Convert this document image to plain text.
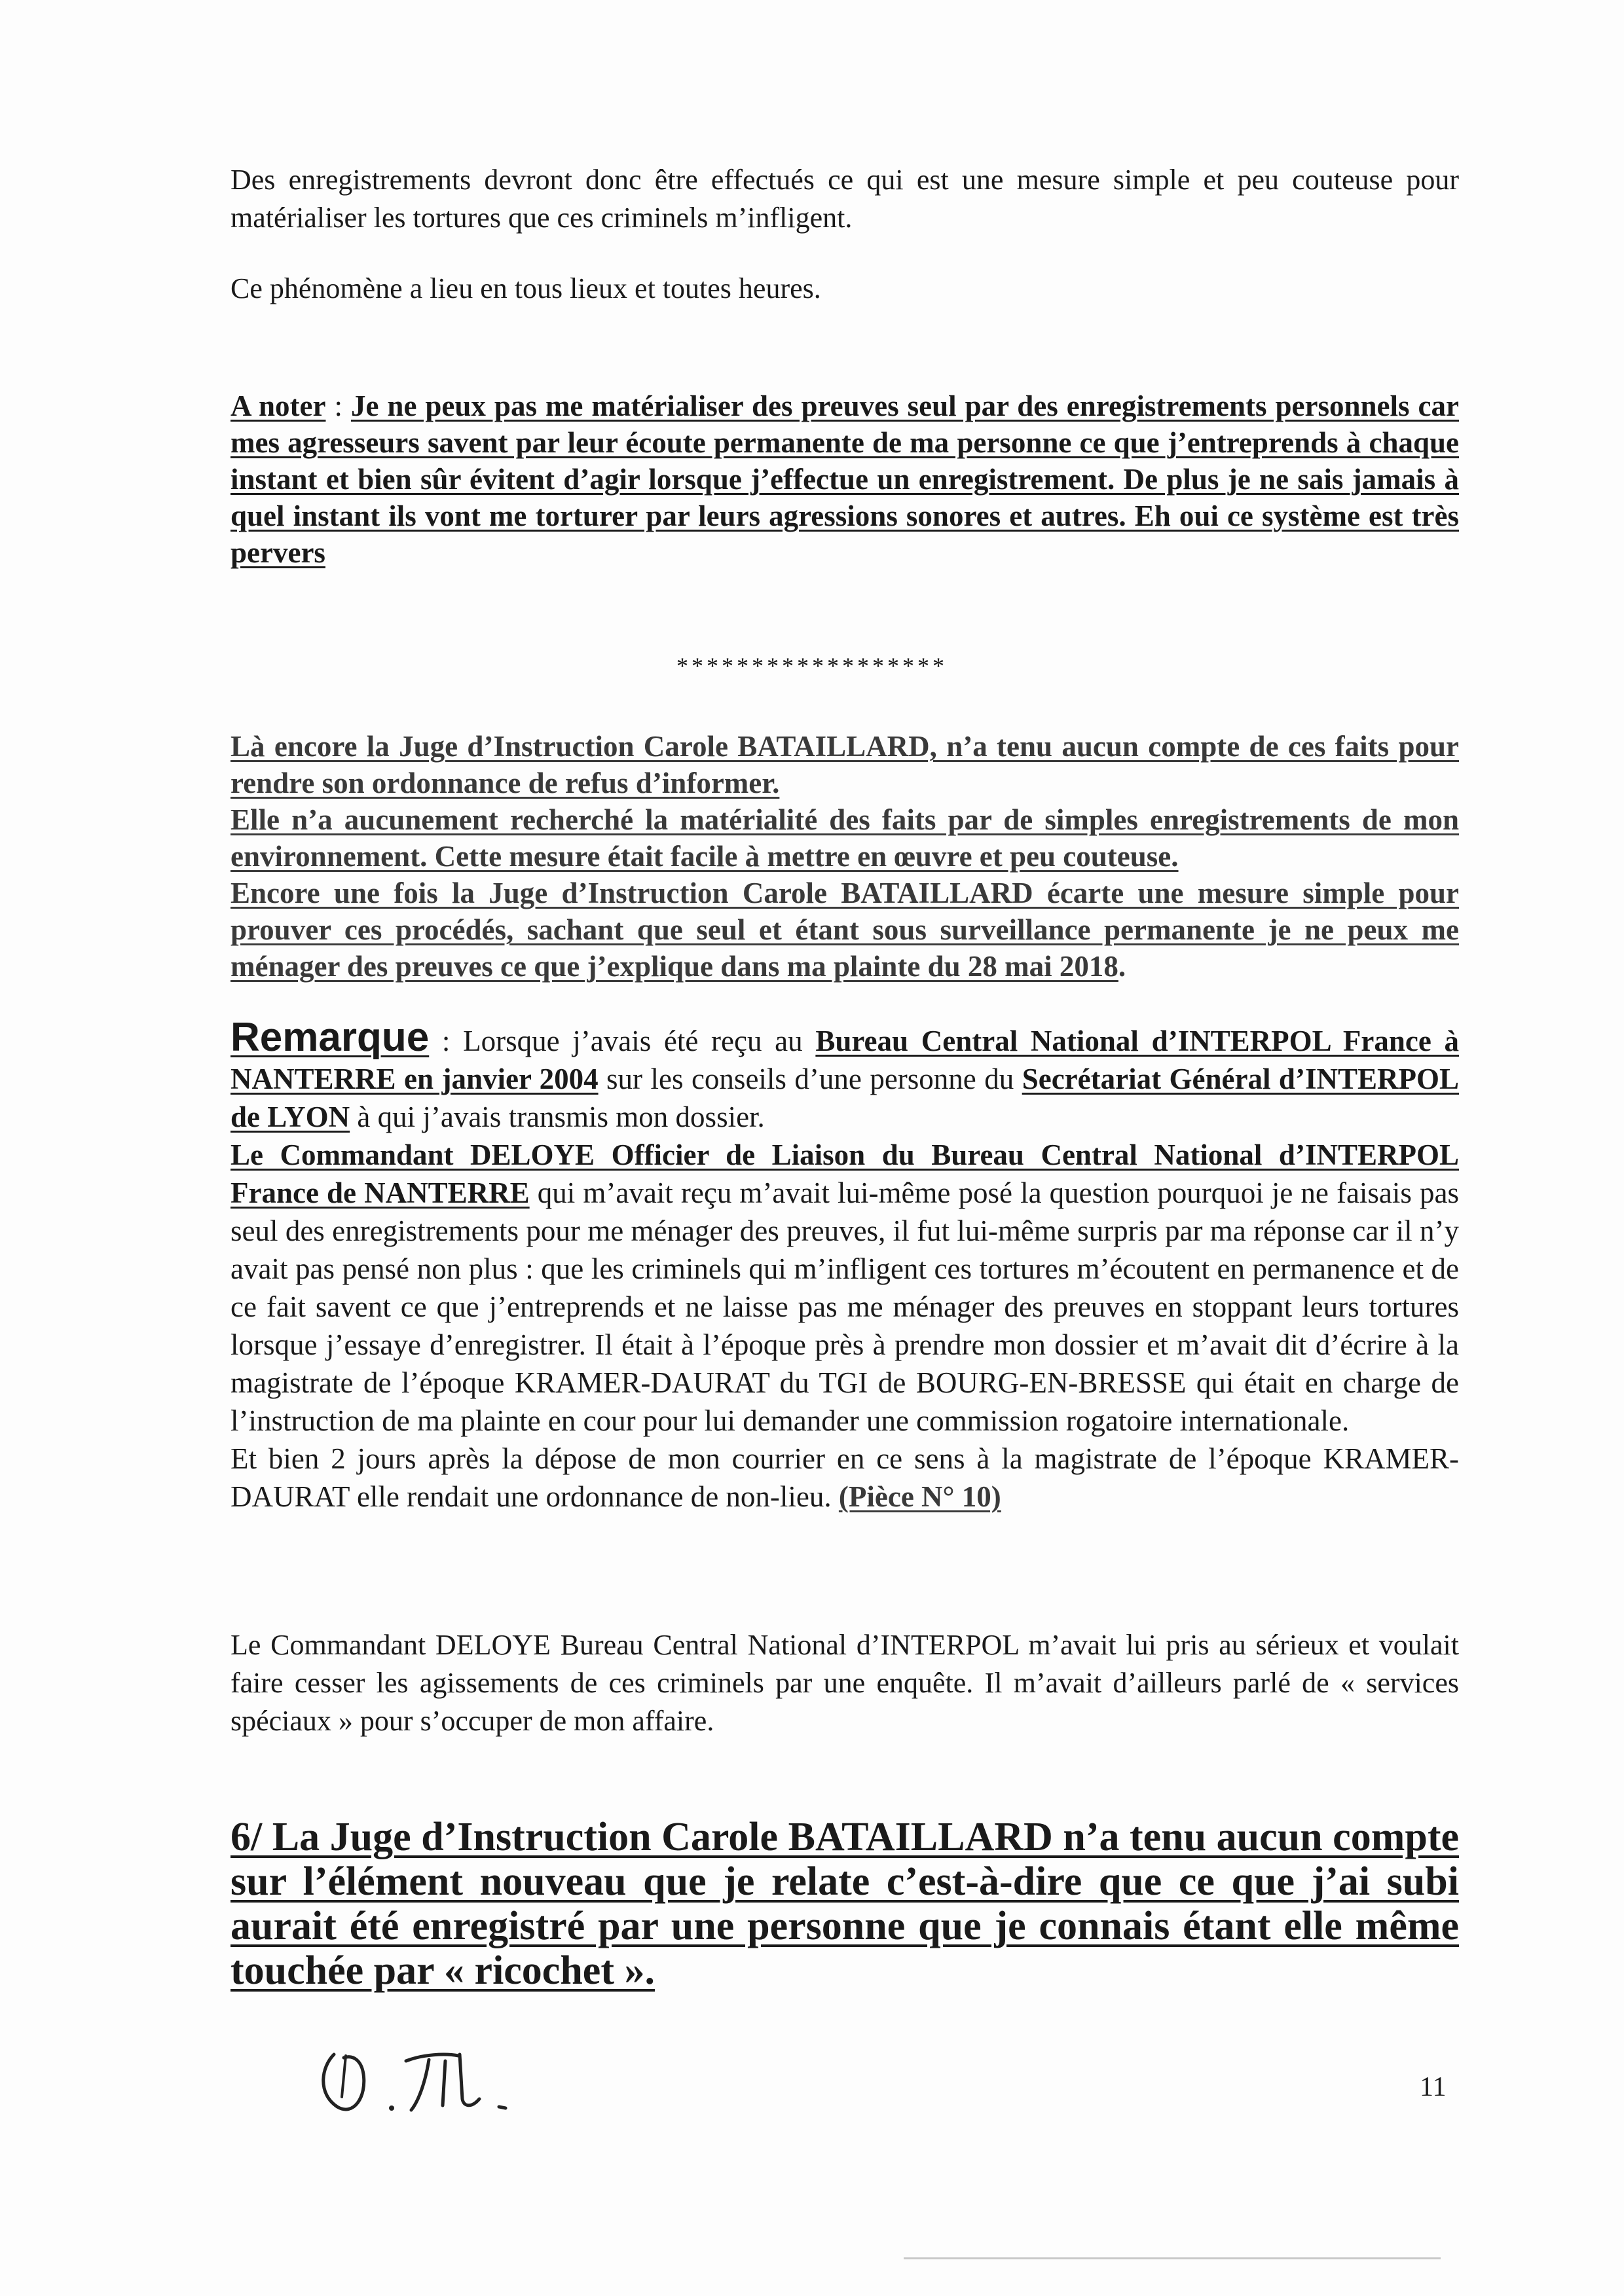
Des enregistrements devront donc être effectués ce qui est une mesure simple et peu couteuse pour matérialiser les tortures que ces criminels m’infligent.

Ce phénomène a lieu en tous lieux et toutes heures.

A noter : Je ne peux pas me matérialiser des preuves seul par des enregistrements personnels car mes agresseurs savent par leur écoute permanente de ma personne ce que j’entreprends à chaque instant et bien sûr évitent d’agir lorsque j’effectue un enregistrement. De plus je ne sais jamais à quel instant ils vont me torturer par leurs agressions sonores et autres. Eh oui ce système est très pervers

******************

Là encore la Juge d’Instruction Carole BATAILLARD, n’a tenu aucun compte de ces faits pour rendre son ordonnance de refus d’informer.

Elle n’a aucunement recherché la matérialité des faits par de simples enregistrements de mon environnement. Cette mesure était facile à mettre en œuvre et peu couteuse.

Encore une fois la Juge d’Instruction Carole BATAILLARD écarte une mesure simple pour prouver ces procédés, sachant que seul et étant sous surveillance permanente je ne peux me ménager des preuves ce que j’explique dans ma plainte du 28 mai 2018.

Remarque : Lorsque j’avais été reçu au Bureau Central National d’INTERPOL France à NANTERRE en janvier 2004 sur les conseils d’une personne du Secrétariat Général d’INTERPOL de LYON à qui j’avais transmis mon dossier.

Le Commandant DELOYE Officier de Liaison du Bureau Central National d’INTERPOL France de NANTERRE qui m’avait reçu m’avait lui-même posé la question pourquoi je ne faisais pas seul des enregistrements pour me ménager des preuves, il fut lui-même surpris par ma réponse car il n’y avait pas pensé non plus : que les criminels qui m’infligent ces tortures m’écoutent en permanence et de ce fait savent ce que j’entreprends et ne laisse pas me ménager des preuves en stoppant leurs tortures lorsque j’essaye d’enregistrer. Il était à l’époque près à prendre mon dossier et m’avait dit d’écrire à la magistrate de l’époque KRAMER-DAURAT du TGI de BOURG-EN-BRESSE qui était en charge de l’instruction de ma plainte en cour pour lui demander une commission rogatoire internationale.

Et bien 2 jours après la dépose de mon courrier en ce sens à la magistrate de l’époque KRAMER-DAURAT elle rendait une ordonnance de non-lieu. (Pièce N° 10)

Le Commandant DELOYE Bureau Central National d’INTERPOL m’avait lui pris au sérieux et voulait faire cesser les agissements de ces criminels par une enquête. Il m’avait d’ailleurs parlé de « services spéciaux » pour s’occuper de mon affaire.

6/ La Juge d’Instruction Carole BATAILLARD n’a tenu aucun compte sur l’élément nouveau que je relate c’est-à-dire que ce que j’ai subi aurait été enregistré par une personne que je connais étant elle même touchée par « ricochet ».

11
